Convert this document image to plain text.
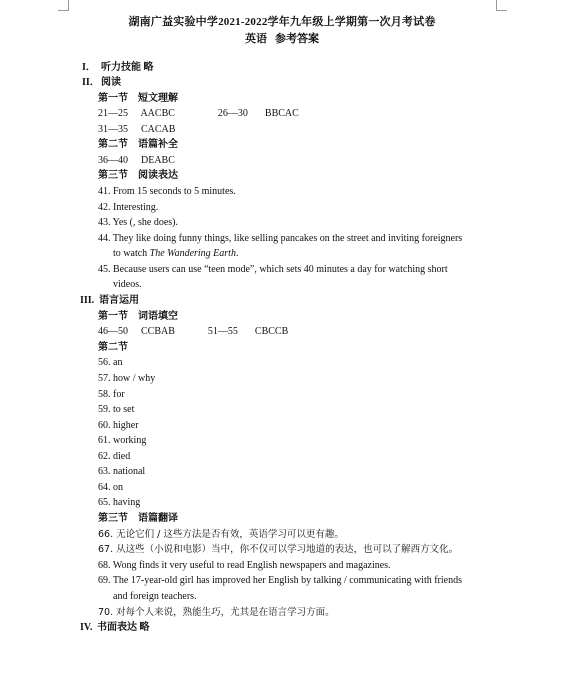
湖南广益实验中学2021-2022学年九年级上学期第一次月考试卷
英语 参考答案
I． 听力技能 略
II． 阅读
第一节　短文理解
21—25 AACBC	26—30 BBCAC
31—35 CACAB
第二节　语篇补全
36—40 DEABC
第三节　阅读表达
41. From 15 seconds to 5 minutes.
42. Interesting.
43. Yes (, she does).
44. They like doing funny things, like selling pancakes on the street and inviting foreigners
to watch The Wandering Earth.
45. Because users can use “teen mode”, which sets 40 minutes a day for watching short
videos.
III. 语言运用
第一节　词语填空
46—50 CCBAB	51—55 CBCCB
第二节
56. an
57. how / why
58. for
59. to set
60. higher
61. working
62. died
63. national
64. on
65. having
第三节　语篇翻译
66. 无论它们 / 这些方法是否有效，英语学习可以更有趣。
67. 从这些（小说和电影）当中，你不仅可以学习地道的表达，也可以了解西方文化。
68. Wong finds it very useful to read English newspapers and magazines.
69. The 17-year-old girl has improved her English by talking / communicating with friends
and foreign teachers.
70. 对每个人来说，熟能生巧，尤其是在语言学习方面。
IV. 书面表达 略
